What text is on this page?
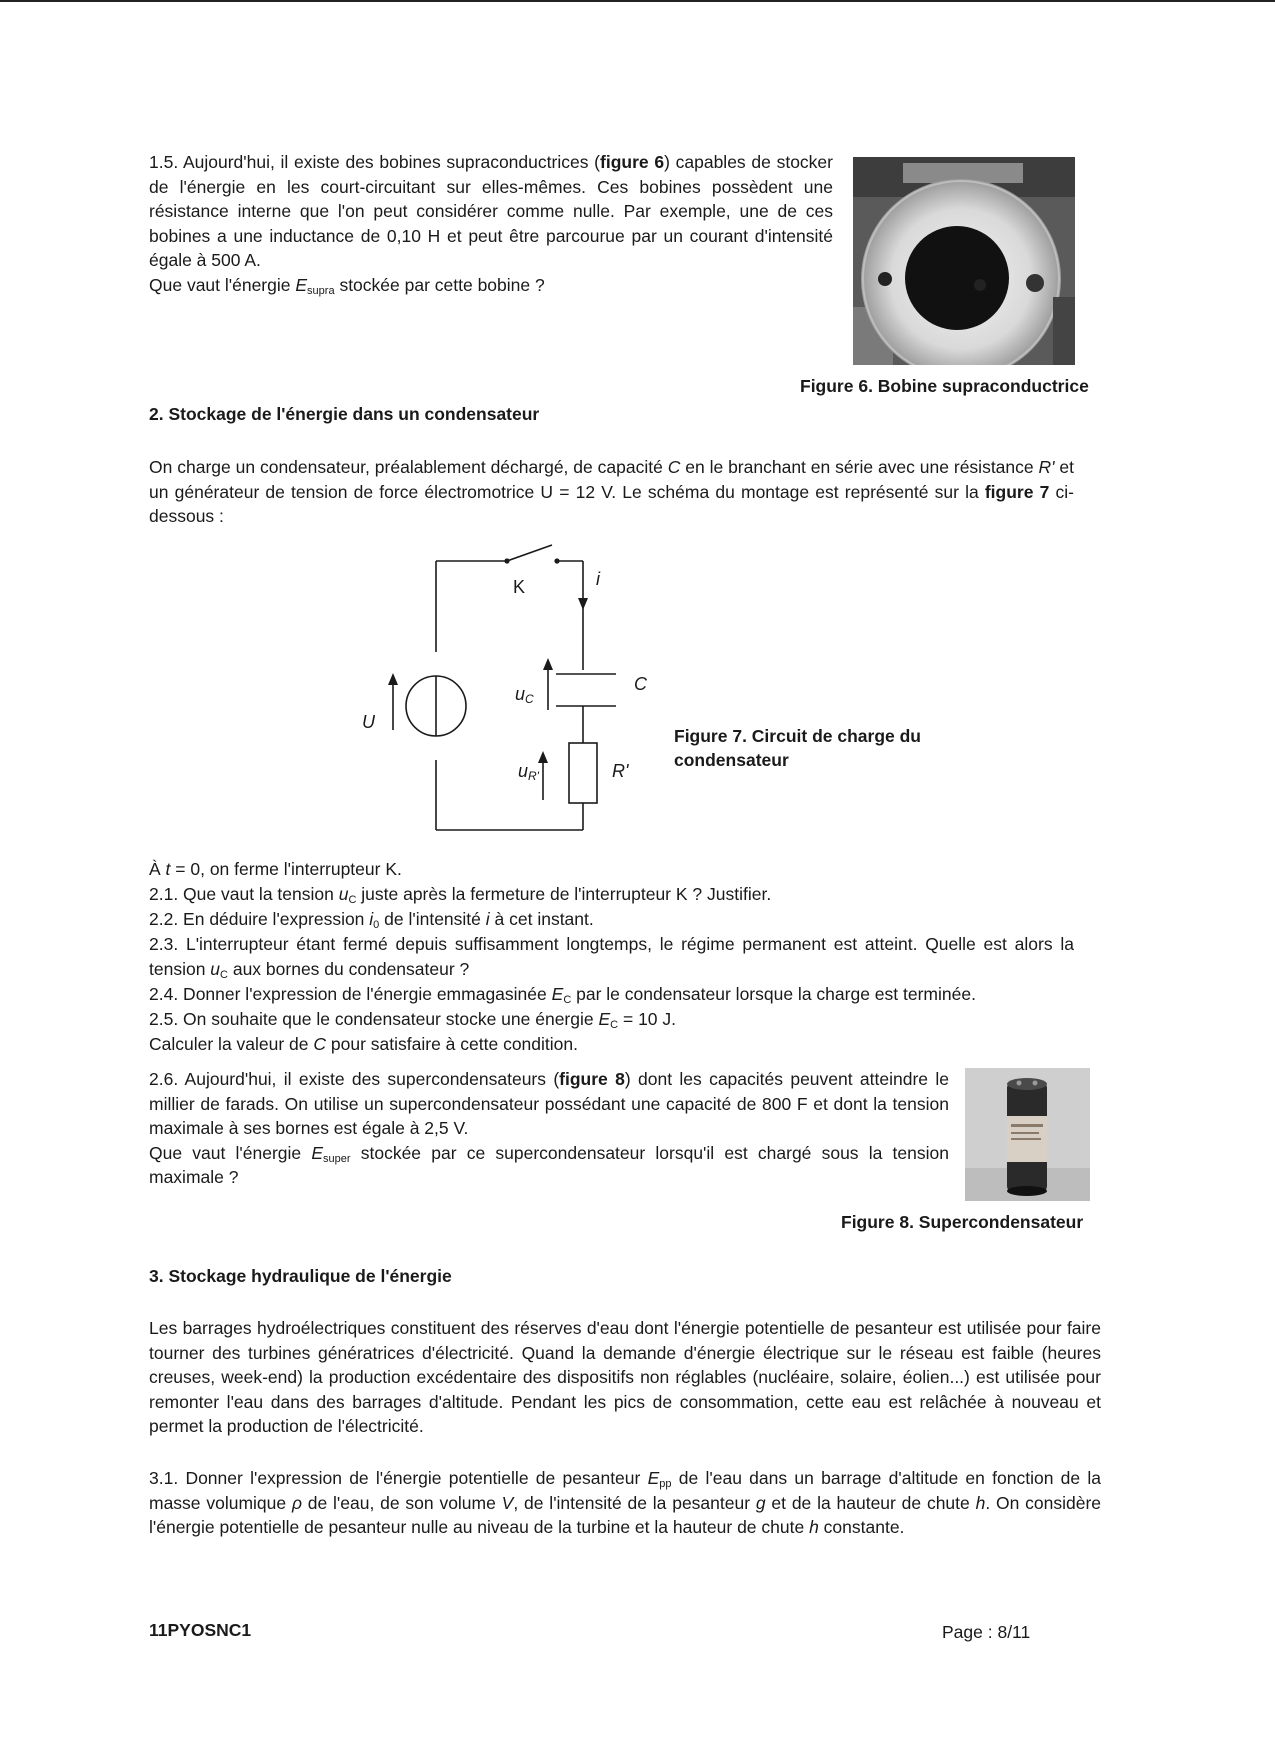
1.5. Aujourd'hui, il existe des bobines supraconductrices (figure 6) capables de stocker de l'énergie en les court-circuitant sur elles-mêmes. Ces bobines possèdent une résistance interne que l'on peut considérer comme nulle. Par exemple, une de ces bobines a une inductance de 0,10 H et peut être parcourue par un courant d'intensité égale à 500 A.
Que vaut l'énergie $E_{supra}$ stockée par cette bobine ?

Figure 6. Bobine supraconductrice

2. Stockage de l'énergie dans un condensateur

On charge un condensateur, préalablement déchargé, de capacité C en le branchant en série avec une résistance R' et un générateur de tension de force électromotrice U = 12 V. Le schéma du montage est représenté sur la figure 7 ci-dessous :

K	i
C
U
uC
uR'	R'

Figure 7. Circuit de charge du condensateur

À t = 0, on ferme l'interrupteur K.

2.1. Que vaut la tension $u_C$ juste après la fermeture de l'interrupteur K ? Justifier.

2.2. En déduire l'expression $i_0$ de l'intensité i à cet instant.

2.3. L'interrupteur étant fermé depuis suffisamment longtemps, le régime permanent est atteint. Quelle est alors la tension $u_C$ aux bornes du condensateur ?

2.4. Donner l'expression de l'énergie emmagasinée $E_C$ par le condensateur lorsque la charge est terminée.

2.5. On souhaite que le condensateur stocke une énergie $E_C = 10$ J.
Calculer la valeur de C pour satisfaire à cette condition.

2.6. Aujourd'hui, il existe des supercondensateurs (figure 8) dont les capacités peuvent atteindre le millier de farads. On utilise un supercondensateur possédant une capacité de 800 F et dont la tension maximale à ses bornes est égale à 2,5 V.
Que vaut l'énergie $E_{super}$ stockée par ce supercondensateur lorsqu'il est chargé sous la tension maximale ?

Figure 8. Supercondensateur

3. Stockage hydraulique de l'énergie

Les barrages hydroélectriques constituent des réserves d'eau dont l'énergie potentielle de pesanteur est utilisée pour faire tourner des turbines génératrices d'électricité. Quand la demande d'énergie électrique sur le réseau est faible (heures creuses, week-end) la production excédentaire des dispositifs non réglables (nucléaire, solaire, éolien...) est utilisée pour remonter l'eau dans des barrages d'altitude. Pendant les pics de consommation, cette eau est relâchée à nouveau et permet la production de l'électricité.

3.1. Donner l'expression de l'énergie potentielle de pesanteur $E_{pp}$ de l'eau dans un barrage d'altitude en fonction de la masse volumique ρ de l'eau, de son volume V, de l'intensité de la pesanteur g et de la hauteur de chute h. On considère l'énergie potentielle de pesanteur nulle au niveau de la turbine et la hauteur de chute h constante.

11PYOSNC1	Page : 8/11
